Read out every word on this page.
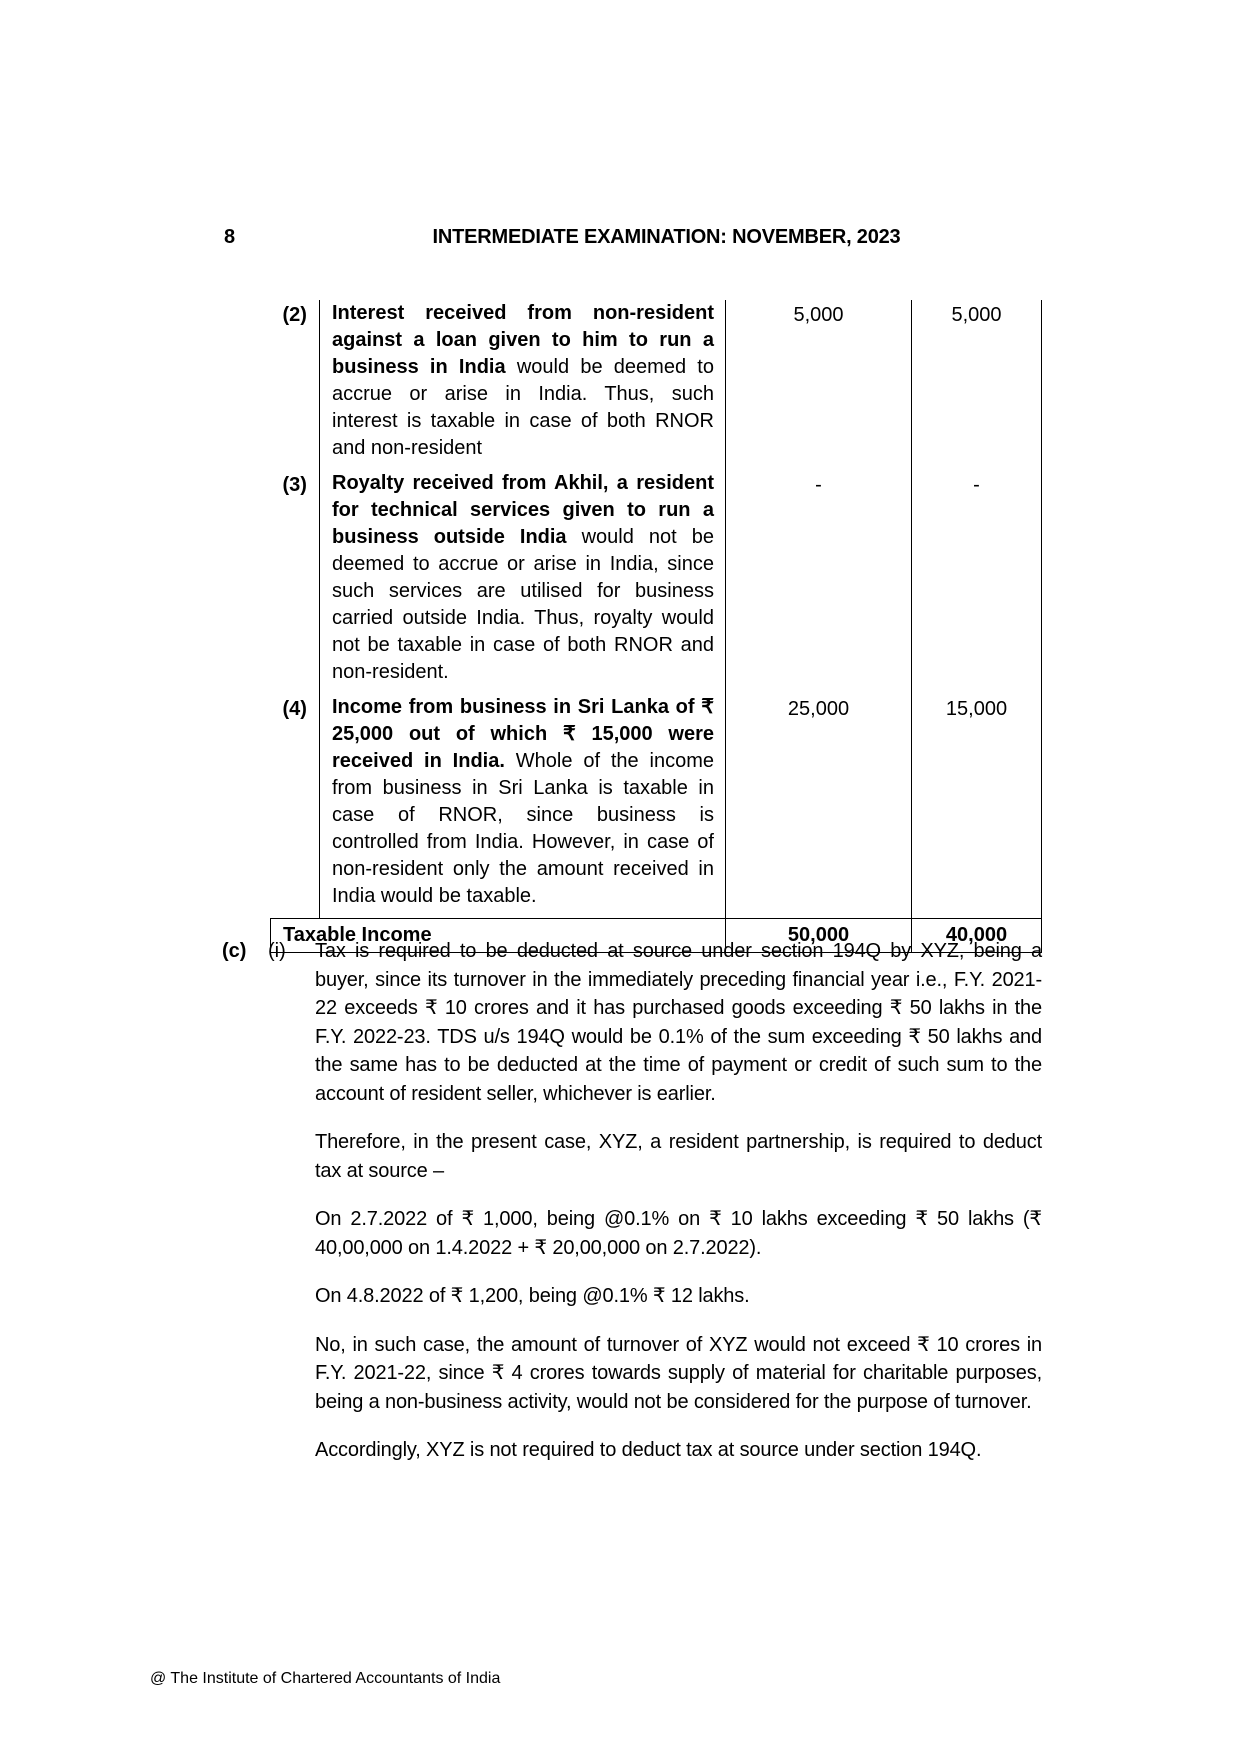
8	INTERMEDIATE EXAMINATION: NOVEMBER, 2023
(2)	Interest received from non-resident against a loan given to him to run a business in India would be deemed to accrue or arise in India. Thus, such interest is taxable in case of both RNOR and non-resident	5,000	5,000
(3)	Royalty received from Akhil, a resident for technical services given to run a business outside India would not be deemed to accrue or arise in India, since such services are utilised for business carried outside India. Thus, royalty would not be taxable in case of both RNOR and non-resident.	-	-
(4)	Income from business in Sri Lanka of ₹ 25,000 out of which ₹ 15,000 were received in India. Whole of the income from business in Sri Lanka is taxable in case of RNOR, since business is controlled from India. However, in case of non-resident only the amount received in India would be taxable.	25,000	15,000
Taxable Income		50,000	40,000
(c) (i) Tax is required to be deducted at source under section 194Q by XYZ, being a buyer, since its turnover in the immediately preceding financial year i.e., F.Y. 2021-22 exceeds ₹ 10 crores and it has purchased goods exceeding ₹ 50 lakhs in the F.Y. 2022-23. TDS u/s 194Q would be 0.1% of the sum exceeding ₹ 50 lakhs and the same has to be deducted at the time of payment or credit of such sum to the account of resident seller, whichever is earlier.

Therefore, in the present case, XYZ, a resident partnership, is required to deduct tax at source –

On 2.7.2022 of ₹ 1,000, being @0.1% on ₹ 10 lakhs exceeding ₹ 50 lakhs (₹ 40,00,000 on 1.4.2022 + ₹ 20,00,000 on 2.7.2022).

On 4.8.2022 of ₹ 1,200, being @0.1% ₹ 12 lakhs.

No, in such case, the amount of turnover of XYZ would not exceed ₹ 10 crores in F.Y. 2021-22, since ₹ 4 crores towards supply of material for charitable purposes, being a non-business activity, would not be considered for the purpose of turnover.

Accordingly, XYZ is not required to deduct tax at source under section 194Q.

@ The Institute of Chartered Accountants of India
